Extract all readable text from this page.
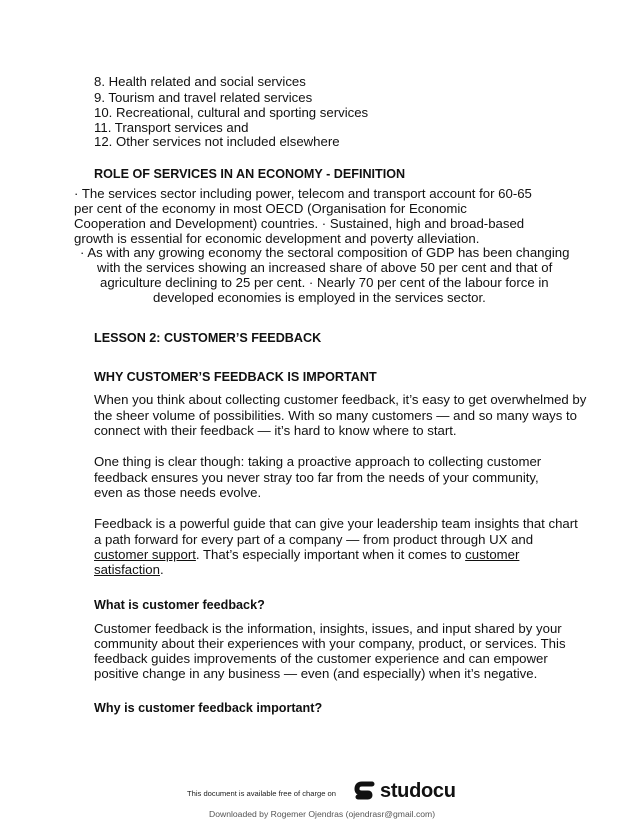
8. Health related and social services
9. Tourism and travel related services
10. Recreational, cultural and sporting services
11. Transport services and
12. Other services not included elsewhere
ROLE OF SERVICES IN AN ECONOMY - DEFINITION
· The services sector including power, telecom and transport account for 60-65
per cent of the economy in most OECD (Organisation for Economic
Cooperation and Development) countries. · Sustained, high and broad-based
growth is essential for economic development and poverty alleviation.
· As with any growing economy the sectoral composition of GDP has been changing
with the services showing an increased share of above 50 per cent and that of
agriculture declining to 25 per cent. · Nearly 70 per cent of the labour force in
developed economies is employed in the services sector.
LESSON 2: CUSTOMER’S FEEDBACK
WHY CUSTOMER’S FEEDBACK IS IMPORTANT
When you think about collecting customer feedback, it’s easy to get overwhelmed by
the sheer volume of possibilities. With so many customers — and so many ways to
connect with their feedback — it’s hard to know where to start.
One thing is clear though: taking a proactive approach to collecting customer
feedback ensures you never stray too far from the needs of your community,
even as those needs evolve.
Feedback is a powerful guide that can give your leadership team insights that chart
a path forward for every part of a company — from product through UX and
customer support. That’s especially important when it comes to customer
satisfaction.
What is customer feedback?
Customer feedback is the information, insights, issues, and input shared by your
community about their experiences with your company, product, or services. This
feedback guides improvements of the customer experience and can empower
positive change in any business — even (and especially) when it’s negative.
Why is customer feedback important?
This document is available free of charge on studocu
Downloaded by Rogemer Ojendras (ojendrasr@gmail.com)
